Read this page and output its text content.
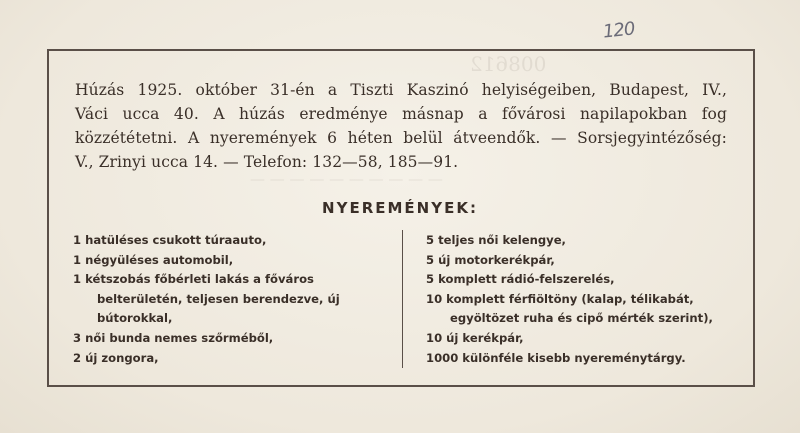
008612
— — — — — — — — — —
120
Húzás 1925. október 31-én a Tiszti Kaszinó helyiségeiben, Budapest, IV.,
Váci ucca 40. A húzás eredménye másnap a fővárosi napilapokban fog
közzététetni. A nyeremények 6 héten belül átveendők. — Sorsjegyintézőség:
V., Zrinyi ucca 14. — Telefon: 132—58, 185—91.
NYEREMÉNYEK:
1 hatüléses csukott túraauto,
1 négyüléses automobil,
1 kétszobás főbérleti lakás a főváros
belterületén, teljesen berendezve, új
bútorokkal,
3 női bunda nemes szőrméből,
2 új zongora,
5 teljes női kelengye,
5 új motorkerékpár,
5 komplett rádió-felszerelés,
10 komplett férfiöltöny (kalap, télikabát,
egyöltözet ruha és cipő mérték szerint),
10 új kerékpár,
1000 különféle kisebb nyereménytárgy.
